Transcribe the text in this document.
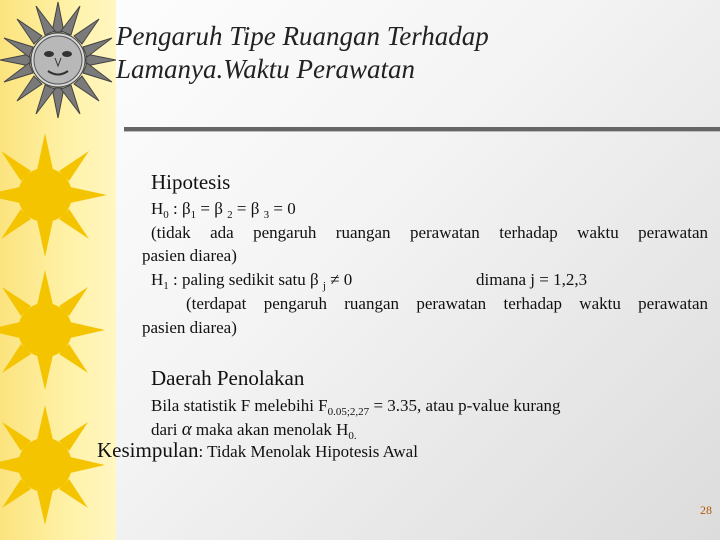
Pengaruh Tipe Ruangan Terhadap
Lamanya.Waktu Perawatan
Hipotesis
$H_0$ : $\beta_1 = \beta$ $_2$ = β $_3$ = 0
(tidak ada pengaruh ruangan perawatan terhadap waktu perawatan
pasien diarea)
$H_1$ : paling sedikit satu β $_j$ ≠ 0	dimana j = 1,2,3
(terdapat pengaruh ruangan perawatan terhadap waktu perawatan
pasien diarea)
Daerah Penolakan
Bila statistik F melebihi $F_{0.05;2,27} = 3.35$, atau p-value kurang
dari α maka akan menolak $H_{0.}$
Kesimpulan: Tidak Menolak Hipotesis Awal
28
